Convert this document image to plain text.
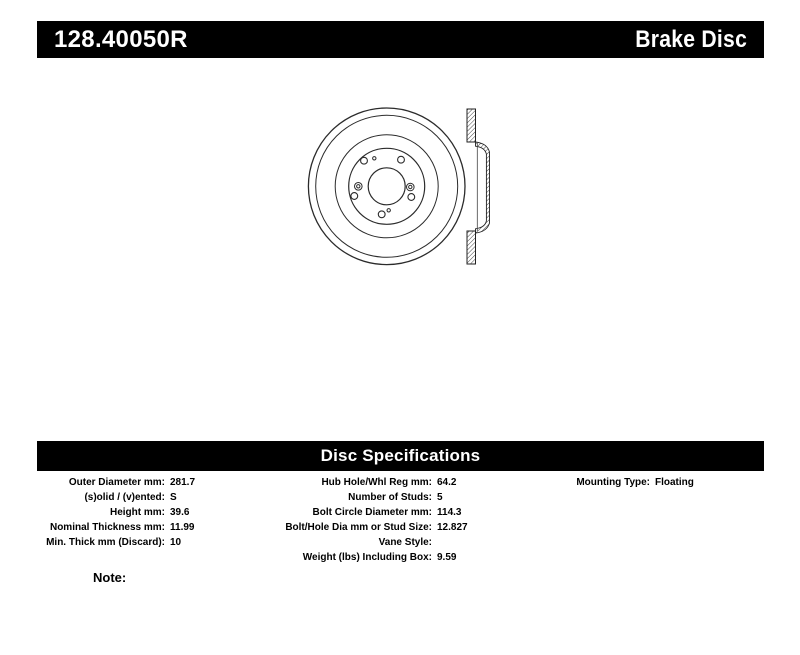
128.40050R	Brake Disc
Disc Specifications
Outer Diameter mm: 281.7
(s)olid / (v)ented: S
Height mm: 39.6
Nominal Thickness mm: 11.99
Min. Thick mm (Discard): 10
Hub Hole/Whl Reg mm: 64.2
Number of Studs: 5
Bolt Circle Diameter mm: 114.3
Bolt/Hole Dia mm or Stud Size: 12.827
Vane Style:
Weight (lbs) Including Box: 9.59
Mounting Type: Floating
Note:
